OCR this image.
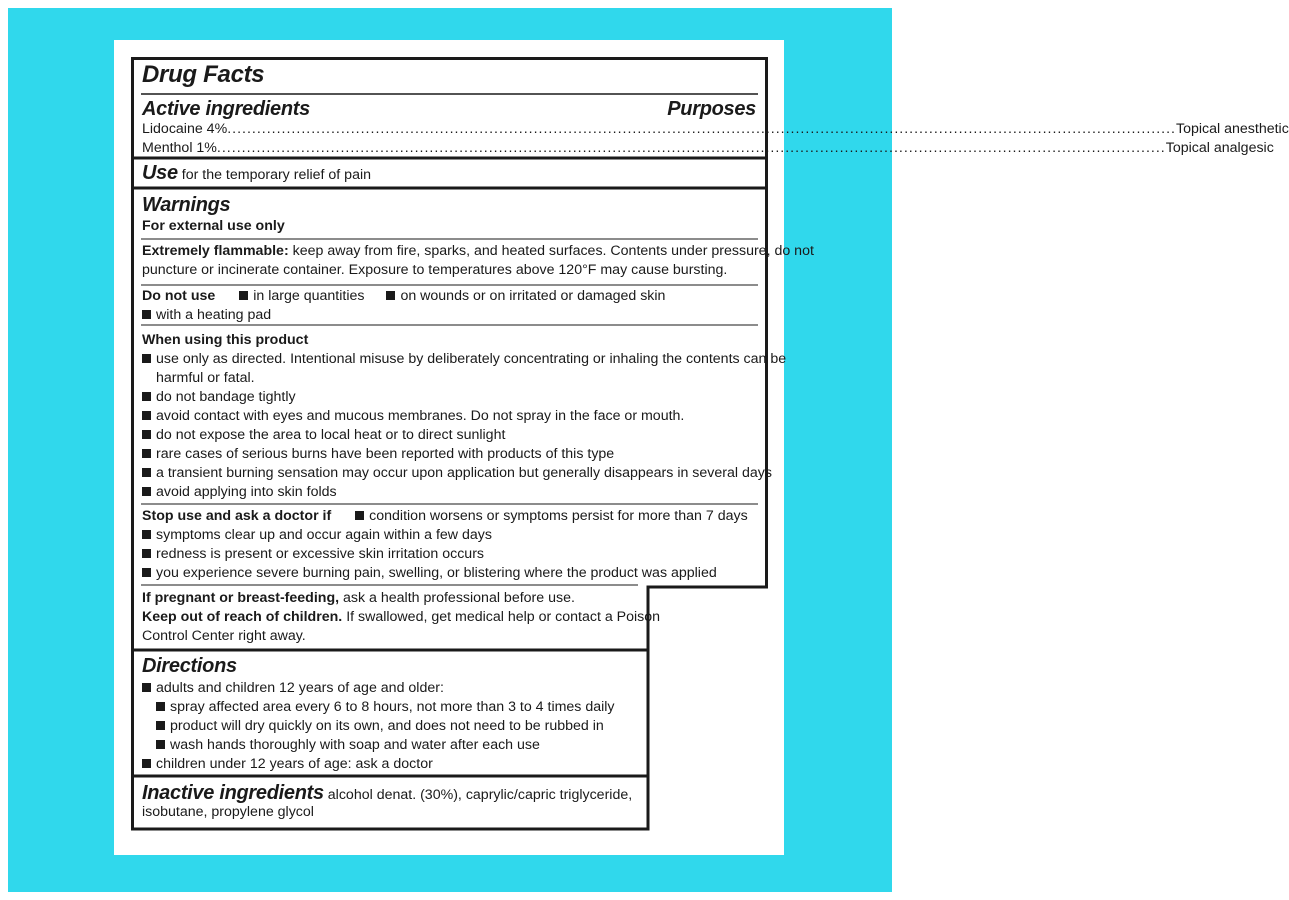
Drug Facts
Active ingredients	Purposes
Lidocaine 4% ................................................................................................................................................................................................ Topical anesthetic
Menthol 1% ................................................................................................................................................................................................ Topical analgesic
Use for the temporary relief of pain
Warnings
For external use only
Extremely flammable: keep away from fire, sparks, and heated surfaces. Contents under pressure, do not
puncture or incinerate container. Exposure to temperatures above 120°F may cause bursting.
Do not use	in large quantities	on wounds or on irritated or damaged skin
with a heating pad
When using this product
use only as directed. Intentional misuse by deliberately concentrating or inhaling the contents can be
harmful or fatal.
do not bandage tightly
avoid contact with eyes and mucous membranes. Do not spray in the face or mouth.
do not expose the area to local heat or to direct sunlight
rare cases of serious burns have been reported with products of this type
a transient burning sensation may occur upon application but generally disappears in several days
avoid applying into skin folds
Stop use and ask a doctor if	condition worsens or symptoms persist for more than 7 days
symptoms clear up and occur again within a few days
redness is present or excessive skin irritation occurs
you experience severe burning pain, swelling, or blistering where the product was applied
If pregnant or breast-feeding, ask a health professional before use.
Keep out of reach of children. If swallowed, get medical help or contact a Poison
Control Center right away.
Directions
adults and children 12 years of age and older:
spray affected area every 6 to 8 hours, not more than 3 to 4 times daily
product will dry quickly on its own, and does not need to be rubbed in
wash hands thoroughly with soap and water after each use
children under 12 years of age: ask a doctor
Inactive ingredients alcohol denat. (30%), caprylic/capric triglyceride,
isobutane, propylene glycol
